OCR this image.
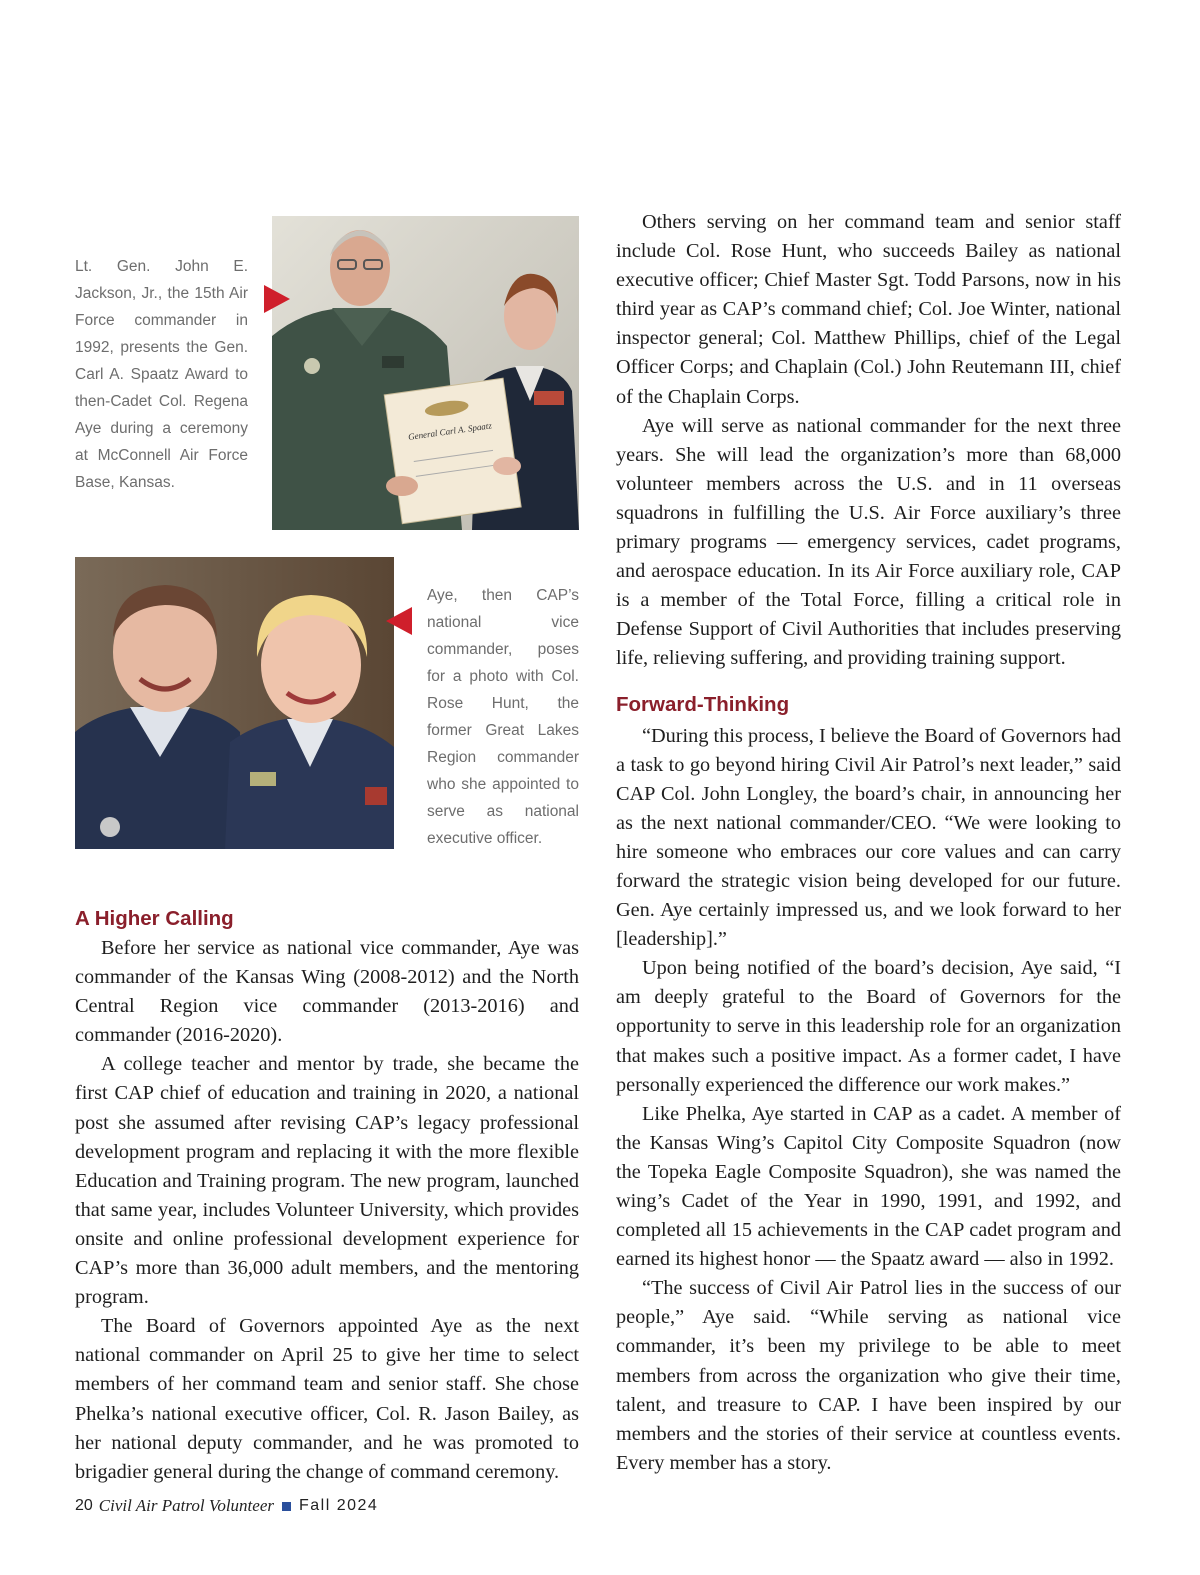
General Carl A. Spaatz
Lt. Gen. John E. Jackson, Jr., the 15th Air Force commander in 1992, presents the Gen. Carl A. Spaatz Award to then-Cadet Col. Regena Aye during a ceremony at McConnell Air Force Base, Kansas.
Aye, then CAP’s national vice commander, poses for a photo with Col. Rose Hunt, the former Great Lakes Region commander who she appointed to serve as national executive officer.
A Higher Calling

Before her service as national vice commander, Aye was commander of the Kansas Wing (2008-2012) and the North Central Region vice commander (2013-2016) and commander (2016-2020).

A college teacher and mentor by trade, she became the first CAP chief of education and training in 2020, a national post she assumed after revising CAP’s legacy professional development program and replacing it with the more flexible Education and Training program. The new program, launched that same year, includes Volunteer University, which provides onsite and online professional development experience for CAP’s more than 36,000 adult members, and the mentoring program.

The Board of Governors appointed Aye as the next national commander on April 25 to give her time to select members of her command team and senior staff. She chose Phelka’s national executive officer, Col. R. Jason Bailey, as her national deputy commander, and he was promoted to brigadier general during the change of command ceremony.

Others serving on her command team and senior staff include Col. Rose Hunt, who succeeds Bailey as national executive officer; Chief Master Sgt. Todd Parsons, now in his third year as CAP’s command chief; Col. Joe Winter, national inspector general; Col. Matthew Phillips, chief of the Legal Officer Corps; and Chaplain (Col.) John Reutemann III, chief of the Chaplain Corps.

Aye will serve as national commander for the next three years. She will lead the organization’s more than 68,000 volunteer members across the U.S. and in 11 overseas squadrons in fulfilling the U.S. Air Force auxiliary’s three primary programs — emergency services, cadet programs, and aerospace education. In its Air Force auxiliary role, CAP is a member of the Total Force, filling a critical role in Defense Support of Civil Authorities that includes preserving life, relieving suffering, and providing training support.

Forward-Thinking

“During this process, I believe the Board of Governors had a task to go beyond hiring Civil Air Patrol’s next leader,” said CAP Col. John Longley, the board’s chair, in announcing her as the next national commander/CEO. “We were looking to hire someone who embraces our core values and can carry forward the strategic vision being developed for our future. Gen. Aye certainly impressed us, and we look forward to her [leadership].”

Upon being notified of the board’s decision, Aye said, “I am deeply grateful to the Board of Governors for the opportunity to serve in this leadership role for an organization that makes such a positive impact. As a former cadet, I have personally experienced the difference our work makes.”

Like Phelka, Aye started in CAP as a cadet. A member of the Kansas Wing’s Capitol City Composite Squadron (now the Topeka Eagle Composite Squadron), she was named the wing’s Cadet of the Year in 1990, 1991, and 1992, and completed all 15 achievements in the CAP cadet program and earned its highest honor — the Spaatz award — also in 1992.

“The success of Civil Air Patrol lies in the success of our people,” Aye said. “While serving as national vice commander, it’s been my privilege to be able to meet members from across the organization who give their time, talent, and treasure to CAP. I have been inspired by our members and the stories of their service at countless events. Every member has a story.

20 Civil Air Patrol Volunteer Fall 2024
